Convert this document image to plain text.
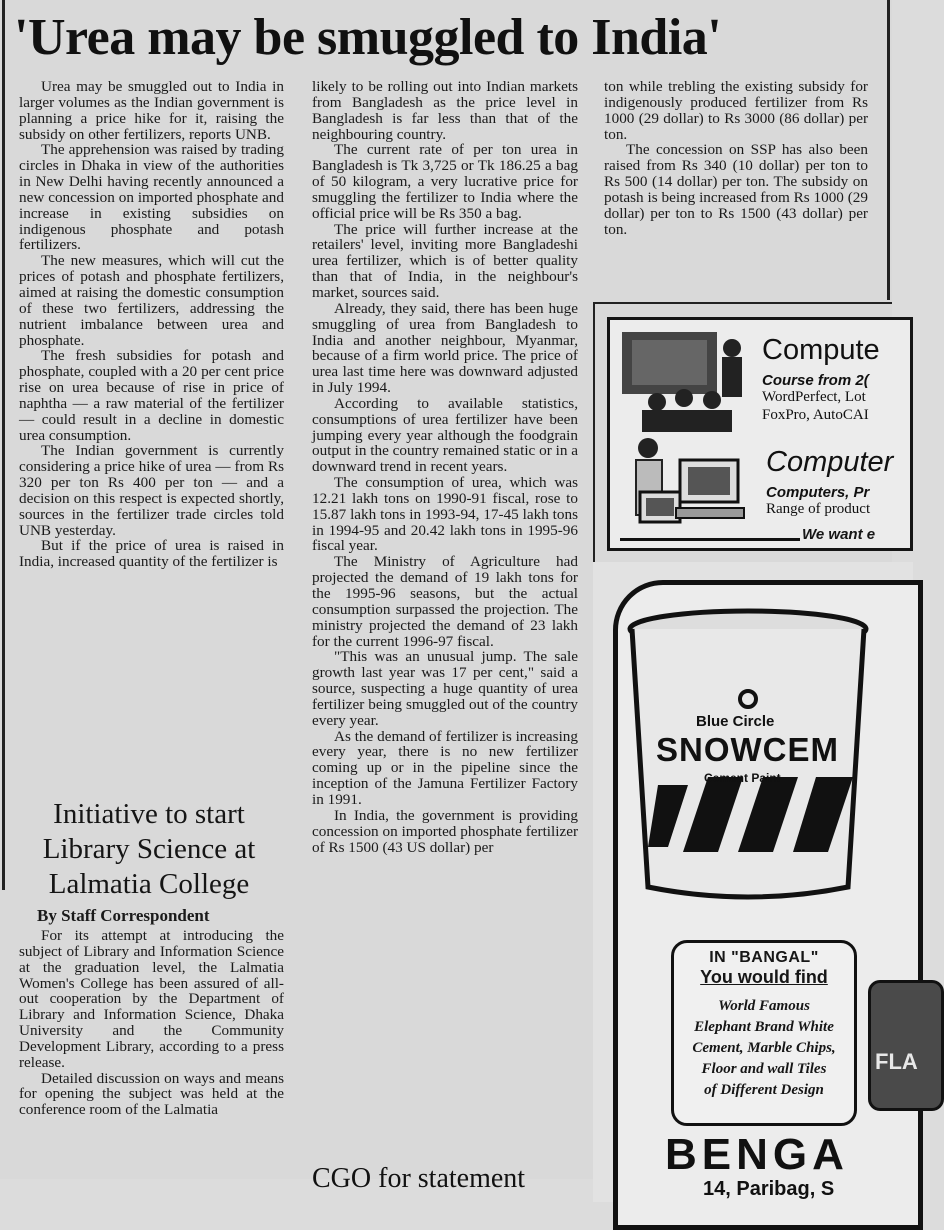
'Urea may be smuggled to India'

Urea may be smuggled out to India in larger volumes as the Indian government is planning a price hike for it, raising the subsidy on other fertilizers, reports UNB.

The apprehension was raised by trading circles in Dhaka in view of the authorities in New Delhi having recently announced a new concession on imported phosphate and increase in existing subsidies on indigenous phosphate and potash fertilizers.

The new measures, which will cut the prices of potash and phosphate fertilizers, aimed at raising the domestic consumption of these two fertilizers, addressing the nutrient imbalance between urea and phosphate.

The fresh subsidies for potash and phosphate, coupled with a 20 per cent price rise on urea because of rise in price of naphtha — a raw material of the fertilizer — could result in a decline in domestic urea consumption.

The Indian government is currently considering a price hike of urea — from Rs 320 per ton Rs 400 per ton — and a decision on this respect is expected shortly, sources in the fertilizer trade circles told UNB yesterday.

But if the price of urea is raised in India, increased quantity of the fertilizer is

likely to be rolling out into Indian markets from Bangladesh as the price level in Bangladesh is far less than that of the neighbouring country.

The current rate of per ton urea in Bangladesh is Tk 3,725 or Tk 186.25 a bag of 50 kilogram, a very lucrative price for smuggling the fertilizer to India where the official price will be Rs 350 a bag.

The price will further increase at the retailers' level, inviting more Bangladeshi urea fertilizer, which is of better quality than that of India, in the neighbour's market, sources said.

Already, they said, there has been huge smuggling of urea from Bangladesh to India and another neighbour, Myanmar, because of a firm world price. The price of urea last time here was downward adjusted in July 1994.

According to available statistics, consumptions of urea fertilizer have been jumping every year although the foodgrain output in the country remained static or in a downward trend in recent years.

The consumption of urea, which was 12.21 lakh tons on 1990-91 fiscal, rose to 15.87 lakh tons in 1993-94, 17-45 lakh tons in 1994-95 and 20.42 lakh tons in 1995-96 fiscal year.

The Ministry of Agriculture had projected the demand of 19 lakh tons for the 1995-96 seasons, but the actual consumption surpassed the projection. The ministry projected the demand of 23 lakh for the current 1996-97 fiscal.

"This was an unusual jump. The sale growth last year was 17 per cent," said a source, suspecting a huge quantity of urea fertilizer being smuggled out of the country every year.

As the demand of fertilizer is increasing every year, there is no new fertilizer coming up or in the pipeline since the inception of the Jamuna Fertilizer Factory in 1991.

In India, the government is providing concession on imported phosphate fertilizer of Rs 1500 (43 US dollar) per

ton while trebling the existing subsidy for indigenously produced fertilizer from Rs 1000 (29 dollar) to Rs 3000 (86 dollar) per ton.

The concession on SSP has also been raised from Rs 340 (10 dollar) per ton to Rs 500 (14 dollar) per ton. The subsidy on potash is being increased from Rs 1000 (29 dollar) per ton to Rs 1500 (43 dollar) per ton.

Initiative to start Library Science at Lalmatia College

By Staff Correspondent

For its attempt at introducing the subject of Library and Information Science at the graduation level, the Lalmatia Women's College has been assured of all-out cooperation by the Department of Library and Information Science, Dhaka University and the Community Development Library, according to a press release.

Detailed discussion on ways and means for opening the subject was held at the conference room of the Lalmatia

CGO for statement
Compute
Course from 2(
WordPerfect, Lot
FoxPro, AutoCAI
Computer
Computers, Pr
Range of product
We want e
Blue Circle
SNOWCEM
Cement Paint
IN "BANGAL"
You would find
World Famous
Elephant Brand White
Cement, Marble Chips,
Floor and wall Tiles
of Different Design
FLA
BENGA
14, Paribag, S
